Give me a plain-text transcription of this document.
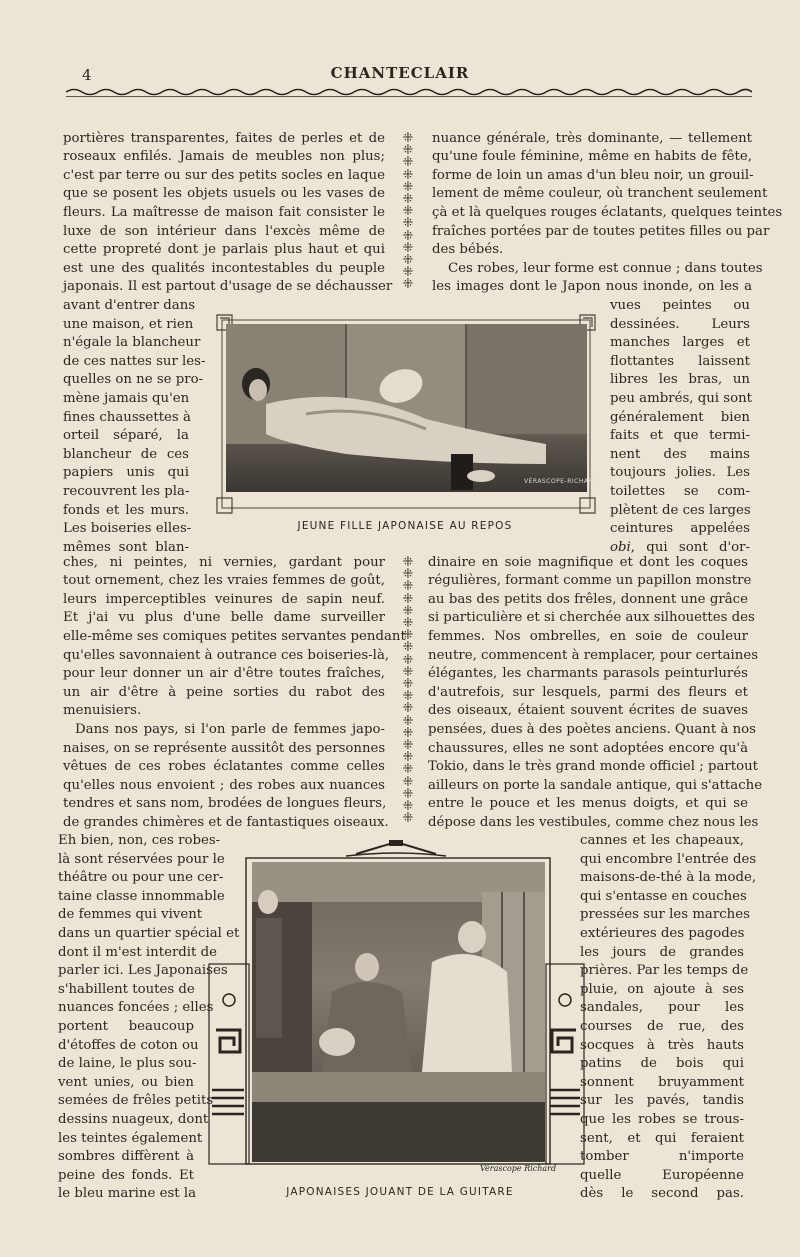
4	CHANTECLAIR
⁜
⁜
⁜
⁜
⁜
⁜
⁜
⁜
⁜
⁜
⁜
⁜
⁜
⁜
⁜
⁜
⁜
⁜
⁜
⁜
⁜
⁜
⁜
⁜
⁜
⁜
⁜
⁜
⁜
⁜
⁜
⁜
⁜
⁜
⁜
portières transparentes, faites de perles et de
roseaux enfilés. Jamais de meubles non plus;
c'est par terre ou sur des petits socles en laque
que se posent les objets usuels ou les vases de
fleurs. La maîtresse de maison fait consister le
luxe de son intérieur dans l'excès même de
cette propreté dont je parlais plus haut et qui
est une des qualités incontestables du peuple
japonais. Il est partout d'usage de se déchausser
nuance générale, très dominante, — tellement
qu'une foule féminine, même en habits de fête,
forme de loin un amas d'un bleu noir, un grouil-
lement de même couleur, où tranchent seulement
çà et là quelques rouges éclatants, quelques teintes
fraîches portées par de toutes petites filles ou par
des bébés.
Ces robes, leur forme est connue ; dans toutes
les images dont le Japon nous inonde, on les a
avant d'entrer dans
une maison, et rien
n'égale la blancheur
de ces nattes sur les-
quelles on ne se pro-
mène jamais qu'en
fines chaussettes à
orteil séparé, la
blancheur de ces
papiers unis qui
recouvrent les pla-
fonds et les murs.
Les boiseries elles-
mêmes sont blan-
vues peintes ou
dessinées. Leurs
manches larges et
flottantes laissent
libres les bras, un
peu ambrés, qui sont
généralement bien
faits et que termi-
nent des mains
toujours jolies. Les
toilettes se com-
plètent de ces larges
ceintures appelées
obi, qui sont d'or-
ches, ni peintes, ni vernies, gardant pour
tout ornement, chez les vraies femmes de goût,
leurs imperceptibles veinures de sapin neuf.
Et j'ai vu plus d'une belle dame surveiller
elle-même ses comiques petites servantes pendant
qu'elles savonnaient à outrance ces boiseries-là,
pour leur donner un air d'être toutes fraîches,
un air d'être à peine sorties du rabot des
menuisiers.
Dans nos pays, si l'on parle de femmes japo-
naises, on se représente aussitôt des personnes
vêtues de ces robes éclatantes comme celles
qu'elles nous envoient ; des robes aux nuances
tendres et sans nom, brodées de longues fleurs,
de grandes chimères et de fantastiques oiseaux.
dinaire en soie magnifique et dont les coques
régulières, formant comme un papillon monstre
au bas des petits dos frêles, donnent une grâce
si particulière et si cherchée aux silhouettes des
femmes. Nos ombrelles, en soie de couleur
neutre, commencent à remplacer, pour certaines
élégantes, les charmants parasols peinturlurés
d'autrefois, sur lesquels, parmi des fleurs et
des oiseaux, étaient souvent écrites de suaves
pensées, dues à des poètes anciens. Quant à nos
chaussures, elles ne sont adoptées encore qu'à
Tokio, dans le très grand monde officiel ; partout
ailleurs on porte la sandale antique, qui s'attache
entre le pouce et les menus doigts, et qui se
dépose dans les vestibules, comme chez nous les
Eh bien, non, ces robes-
là sont réservées pour le
théâtre ou pour une cer-
taine classe innommable
de femmes qui vivent
dans un quartier spécial et
dont il m'est interdit de
parler ici. Les Japonaises
s'habillent toutes de
nuances foncées ; elles
portent beaucoup
d'étoffes de coton ou
de laine, le plus sou-
vent unies, ou bien
semées de frêles petits
dessins nuageux, dont
les teintes également
sombres diffèrent à
peine des fonds. Et
le bleu marine est la
cannes et les chapeaux,
qui encombre l'entrée des
maisons-de-thé à la mode,
qui s'entasse en couches
pressées sur les marches
extérieures des pagodes
les jours de grandes
prières. Par les temps de
pluie, on ajoute à ses
sandales, pour les
courses de rue, des
socques à très hauts
patins de bois qui
sonnent bruyamment
sur les pavés, tandis
que les robes se trous-
sent, et qui feraient
tomber n'importe
quelle Européenne
dès le second pas.
VÉRASCOPE-RICHARD
JEUNE FILLE JAPONAISE AU REPOS
Vérascope Richard
JAPONAISES JOUANT DE LA GUITARE
